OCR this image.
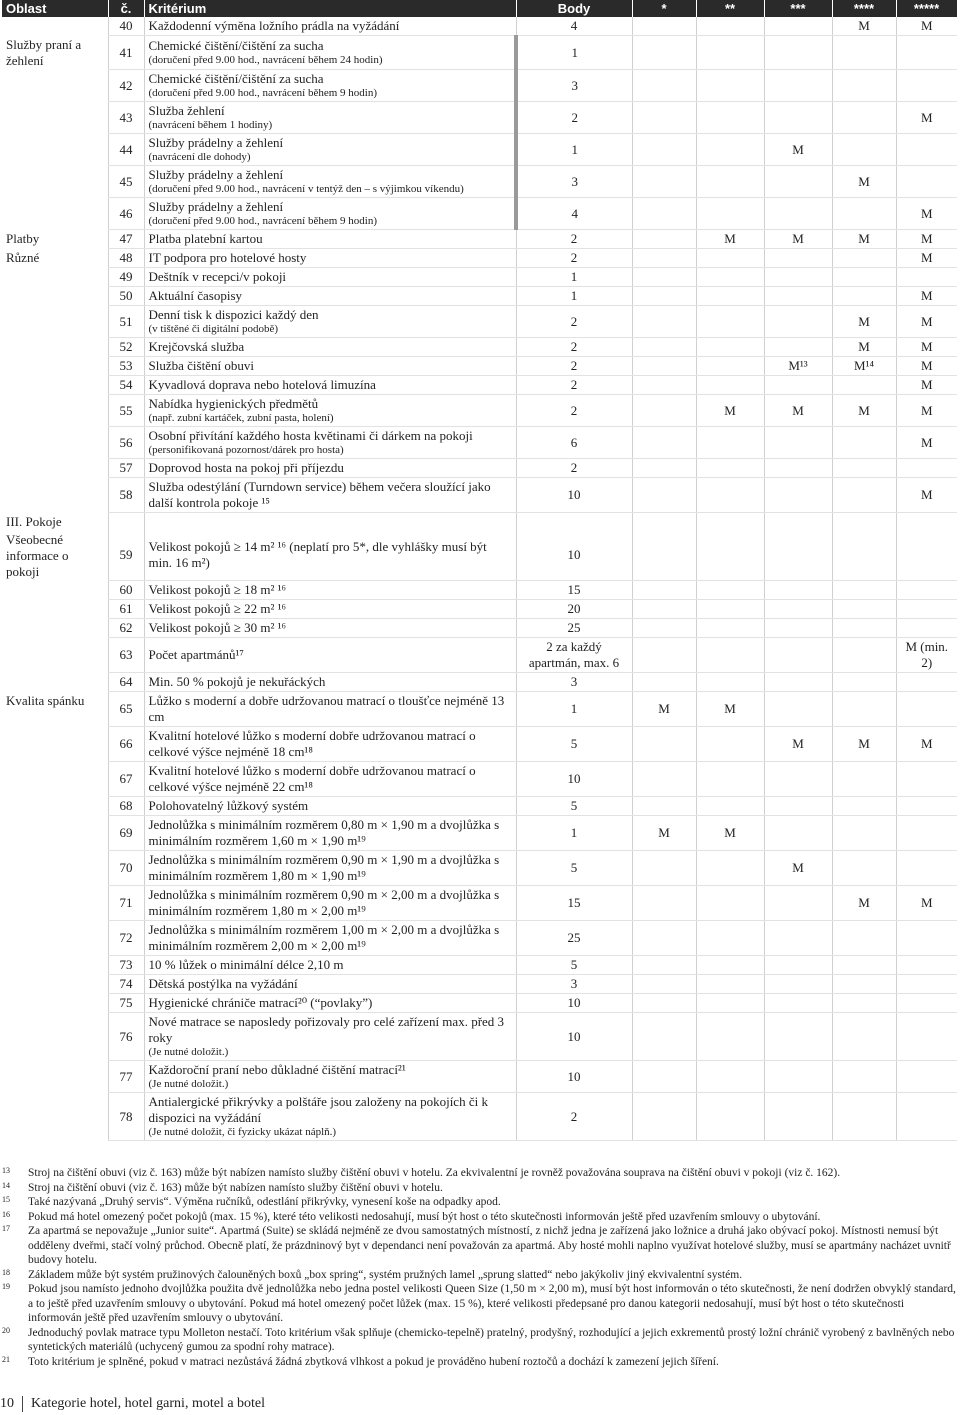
Oblast	č.	Kritérium	Body	*	**	***	****	*****
	40	Každodenní výměna ložního prádla na vyžádání	4				M	M
Služby praní a žehlení	41	Chemické čištění/čištění za sucha
(doručení před 9.00 hod., navrácení během 24 hodin)	1					
	42	Chemické čištění/čištění za sucha
(doručení před 9.00 hod., navrácení během 9 hodin)	3					
	43	Služba žehlení
(navrácení během 1 hodiny)	2					M
	44	Služby prádelny a žehlení
(navrácení dle dohody)	1			M		
	45	Služby prádelny a žehlení
(doručení před 9.00 hod., navrácení v tentýž den – s výjimkou víkendu)	3				M	
	46	Služby prádelny a žehlení
(doručení před 9.00 hod., navrácení během 9 hodin)	4					M
Platby	47	Platba platební kartou	2		M	M	M	M
Různé	48	IT podpora pro hotelové hosty	2					M
	49	Deštník v recepci/v pokoji	1					
	50	Aktuální časopisy	1					M
	51	Denní tisk k dispozici každý den
(v tištěné či digitální podobě)	2				M	M
	52	Krejčovská služba	2				M	M
	53	Služba čištění obuvi	2			M¹³	M¹⁴	M
	54	Kyvadlová doprava nebo hotelová limuzína	2					M
	55	Nabídka hygienických předmětů
(např. zubní kartáček, zubní pasta, holení)	2		M	M	M	M
	56	Osobní přivítání každého hosta květinami či dárkem na pokoji
(personifikovaná pozornost/dárek pro hosta)	6					M
	57	Doprovod hosta na pokoj při příjezdu	2					
	58	Služba odestýlání (Turndown service) během večera sloužící jako další kontrola pokoje ¹⁵	10					M
III. Pokoje								
Všeobecné informace o pokoji	59	Velikost pokojů ≥ 14 m² ¹⁶ (neplatí pro 5*, dle vyhlášky musí být min. 16 m²)	10					
	60	Velikost pokojů ≥ 18 m² ¹⁶	15					
	61	Velikost pokojů ≥ 22 m² ¹⁶	20					
	62	Velikost pokojů ≥ 30 m² ¹⁶	25					
	63	Počet apartmánů¹⁷	2 za každý apartmán, max. 6					M (min. 2)
	64	Min. 50 % pokojů je nekuřáckých	3					
Kvalita spánku	65	Lůžko s moderní a dobře udržovanou matrací o tloušťce nejméně 13 cm	1	M	M			
	66	Kvalitní hotelové lůžko s moderní dobře udržovanou matrací o celkové výšce nejméně 18 cm¹⁸	5			M	M	M
	67	Kvalitní hotelové lůžko s moderní dobře udržovanou matrací o celkové výšce nejméně 22 cm¹⁸	10					
	68	Polohovatelný lůžkový systém	5					
	69	Jednolůžka s minimálním rozměrem 0,80 m × 1,90 m a dvojlůžka s minimálním rozměrem 1,60 m × 1,90 m¹⁹	1	M	M			
	70	Jednolůžka s minimálním rozměrem 0,90 m × 1,90 m a dvojlůžka s minimálním rozměrem 1,80 m × 1,90 m¹⁹	5			M		
	71	Jednolůžka s minimálním rozměrem 0,90 m × 2,00 m a dvojlůžka s minimálním rozměrem 1,80 m × 2,00 m¹⁹	15				M	M
	72	Jednolůžka s minimálním rozměrem 1,00 m × 2,00 m a dvojlůžka s minimálním rozměrem 2,00 m × 2,00 m¹⁹	25					
	73	10 % lůžek o minimální délce 2,10 m	5					
	74	Dětská postýlka na vyžádání	3					
	75	Hygienické chrániče matrací²⁰ (“povlaky”)	10					
	76	Nové matrace se naposledy pořizovaly pro celé zařízení max. před 3 roky
(Je nutné doložit.)	10					
	77	Každoroční praní nebo důkladné čištění matrací²¹
(Je nutné doložit.)	10					
	78	Antialergické přikrývky a polštáře jsou založeny na pokojích či k dispozici na vyžádání
(Je nutné doložit, či fyzicky ukázat náplň.)	2					
13 Stroj na čištění obuvi (viz č. 163) může být nabízen namísto služby čištění obuvi v hotelu. Za ekvivalentní je rovněž považována souprava na čištění obuvi v pokoji (viz č. 162).
14 Stroj na čištění obuvi (viz č. 163) může být nabízen namísto služby čištění obuvi v hotelu.
15 Také nazývaná „Druhý servis“. Výměna ručníků, odestlání přikrývky, vynesení koše na odpadky apod.
16 Pokud má hotel omezený počet pokojů (max. 15 %), které této velikosti nedosahují, musí být host o této skutečnosti informován ještě před uzavřením smlouvy o ubytování.
17 Za apartmá se nepovažuje „Junior suite“. Apartmá (Suite) se skládá nejméně ze dvou samostatných místností, z nichž jedna je zařízená jako ložnice a druhá jako obývací pokoj. Místnosti nemusí být odděleny dveřmi, stačí volný průchod. Obecně platí, že prázdninový byt v dependanci není považován za apartmá. Aby hosté mohli naplno využívat hotelové služby, musí se apartmány nacházet uvnitř budovy hotelu.
18 Základem může být systém pružinových čalouněných boxů „box spring“, systém pružných lamel „sprung slatted“ nebo jakýkoliv jiný ekvivalentní systém.
19 Pokud jsou namísto jednoho dvojlůžka použita dvě jednolůžka nebo jedna postel velikosti Queen Size (1,50 m × 2,00 m), musí být host informován o této skutečnosti, že není dodržen obvyklý standard, a to ještě před uzavřením smlouvy o ubytování. Pokud má hotel omezený počet lůžek (max. 15 %), které velikosti předepsané pro danou kategorii nedosahují, musí být host o této skutečnosti informován ještě před uzavřením smlouvy o ubytování.
20 Jednoduchý povlak matrace typu Molleton nestačí. Toto kritérium však splňuje (chemicko-tepelně) pratelný, prodyšný, rozhodující a jejich exkrementů prostý ložní chránič vyrobený z bavlněných nebo syntetických materiálů (uchycený gumou za spodní rohy matrace).
21 Toto kritérium je splněné, pokud v matraci nezůstává žádná zbytková vlhkost a pokud je prováděno hubení roztočů a dochází k zamezení jejich šíření.
10 Kategorie hotel, hotel garni, motel a botel
